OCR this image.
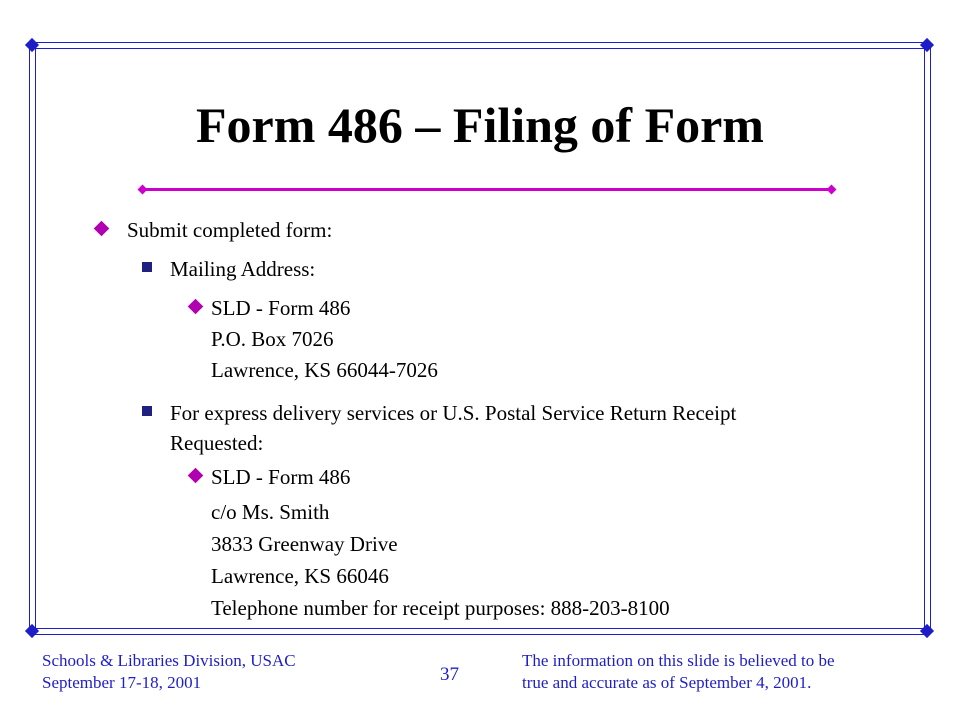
Form 486 – Filing of Form
Submit completed form:
Mailing Address:
SLD - Form 486
P.O. Box 7026
Lawrence, KS 66044-7026
For express delivery services or U.S. Postal Service Return Receipt
Requested:
SLD - Form 486
c/o Ms. Smith
3833 Greenway Drive
Lawrence, KS 66046
Telephone number for receipt purposes: 888-203-8100
Schools & Libraries Division, USAC
September 17-18, 2001	37
The information on this slide is believed to be
true and accurate as of September 4, 2001.
